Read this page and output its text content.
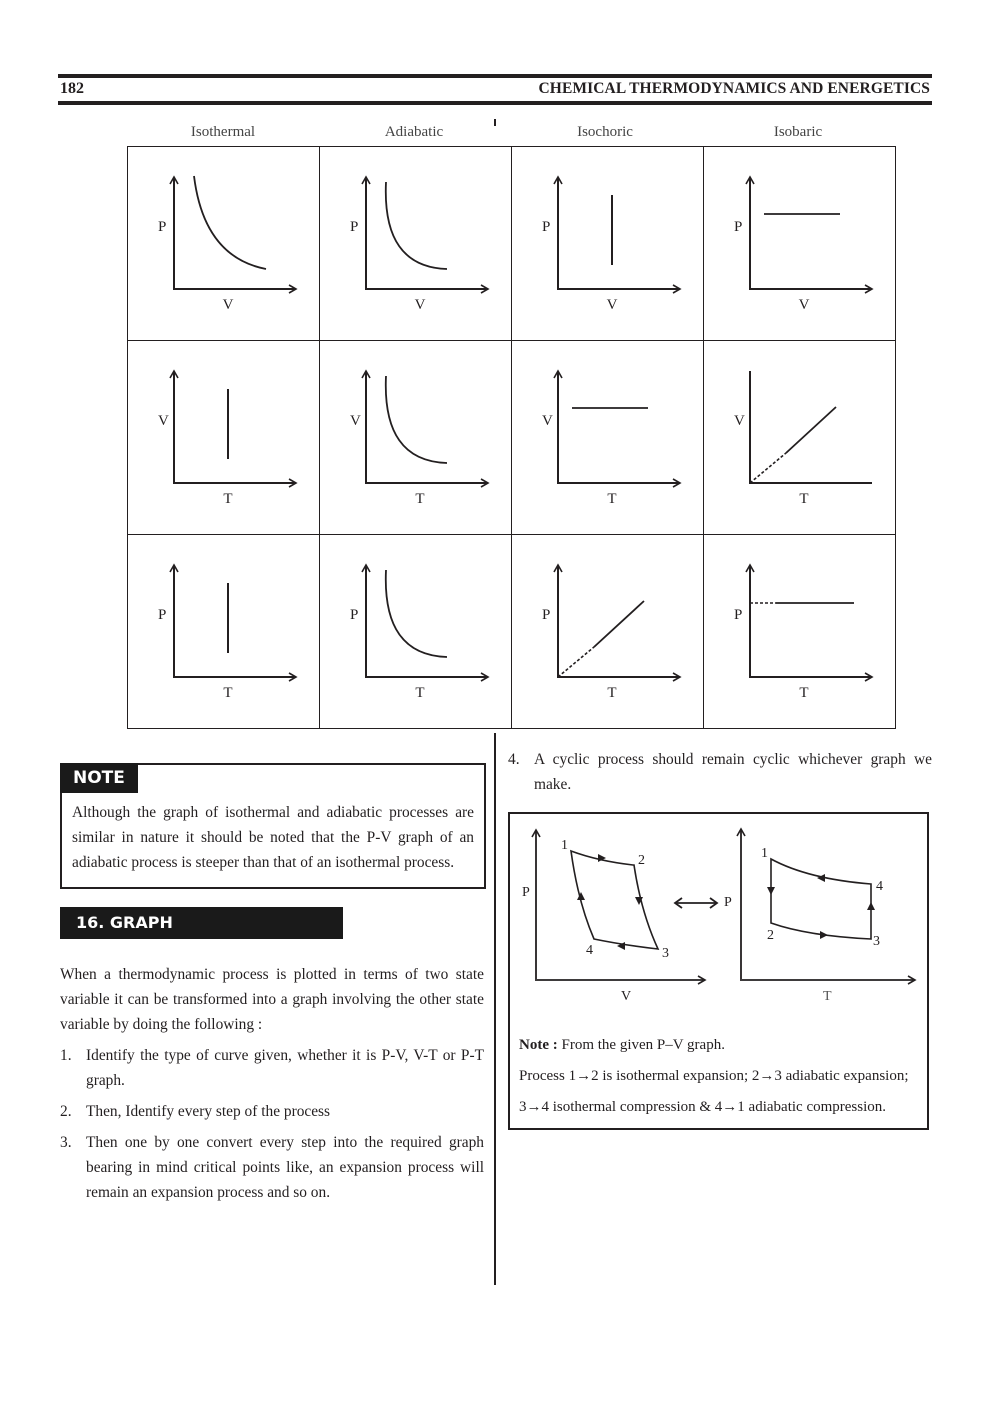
182	CHEMICAL THERMODYNAMICS AND ENERGETICS
Isothermal	Adiabatic	Isochoric	Isobaric
P
V	P
V	P
V	P
V

V
T	V
T	V
T	V
T

P
T	P
T	P
T	P
T
NOTE
Although the graph of isothermal and adiabatic processes are similar in nature it should be noted that the P-V graph of an adiabatic process is steeper than that of an isothermal process.
16. GRAPH TRANSFORMATION
When a thermodynamic process is plotted in terms of two state variable it can be transformed into a graph involving the other state variable by doing the following :
1. Identify the type of curve given, whether it is P-V, V-T or P-T graph.
2. Then, Identify every step of the process
3. Then one by one convert every step into the required graph bearing in mind critical points like, an expansion process will remain an expansion process and so on.
4. A cyclic process should remain cyclic whichever graph we make.
1
2
3
4
P
V
1
2	3
4
P
T
Note : From the given P–V graph.
Process 1→2 is isothermal expansion; 2→3 adiabatic expansion;
3→4 isothermal compression & 4→1 adiabatic compression.
